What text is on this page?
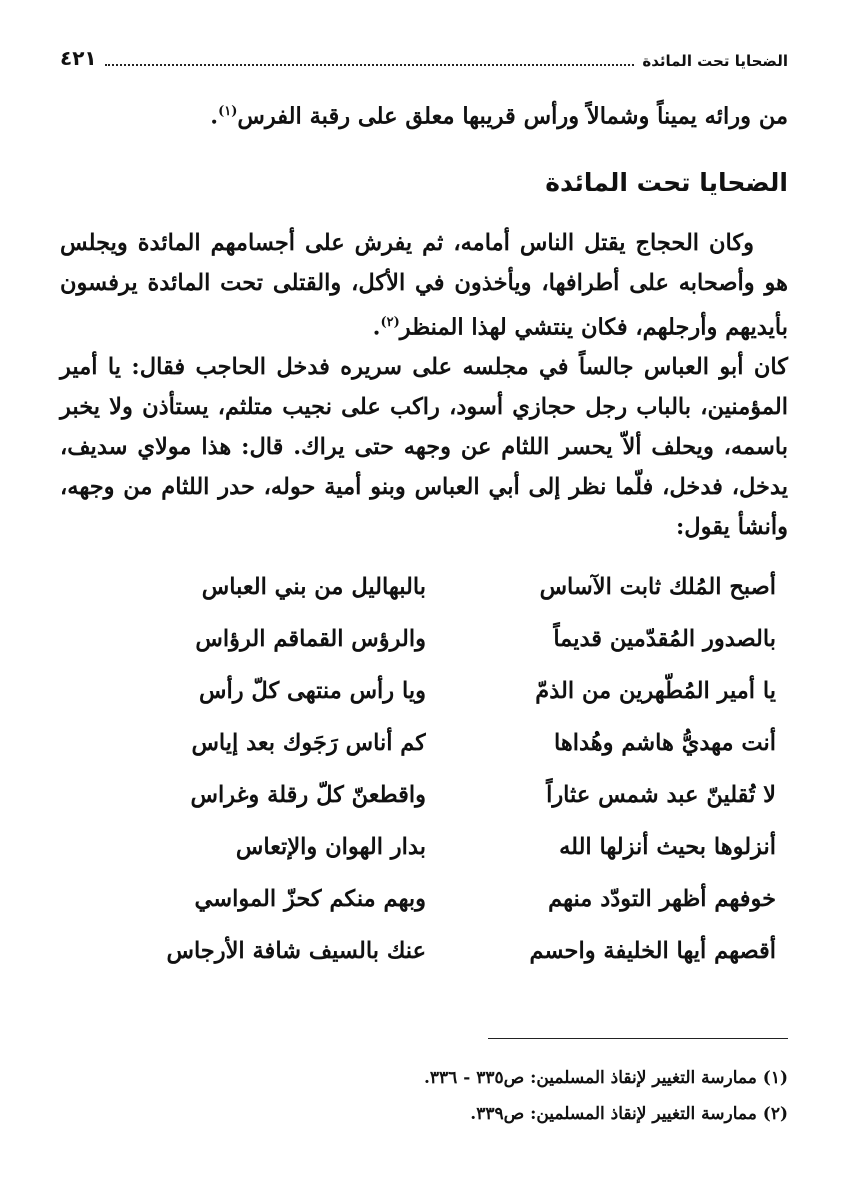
الضحايا تحت المائدة
٤٢١

من ورائه يميناً وشمالاً ورأس قريبها معلق على رقبة الفرس$^{(١)}$.

الضحايا تحت المائدة

وكان الحجاج يقتل الناس أمامه، ثم يفرش على أجسامهم المائدة ويجلس هو وأصحابه على أطرافها، ويأخذون في الأكل، والقتلى تحت المائدة يرفسون بأيديهم وأرجلهم، فكان ينتشي لهذا المنظر$^{(٢)}$.

كان أبو العباس جالساً في مجلسه على سريره فدخل الحاجب فقال: يا أمير المؤمنين، بالباب رجل حجازي أسود، راكب على نجيب متلثم، يستأذن ولا يخبر باسمه، ويحلف ألاّ يحسر اللثام عن وجهه حتى يراك. قال: هذا مولاي سديف، يدخل، فدخل، فلّما نظر إلى أبي العباس وبنو أمية حوله، حدر اللثام من وجهه، وأنشأ يقول:

أصبح المُلك ثابت الآساس
بالبهاليل من بني العباس
بالصدور المُقدّمين قديماً
والرؤس القماقم الرؤاس
يا أمير المُطّهرين من الذمّ
ويا رأس منتهى كلّ رأس
أنت مهديُّ هاشم وهُداها
كم أناس رَجَوك بعد إياس
لا تُقلينّ عبد شمس عثاراً
واقطعنّ كلّ رقلة وغراس
أنزلوها بحيث أنزلها الله
بدار الهوان والإتعاس
خوفهم أظهر التودّد منهم
وبهم منكم كحزّ المواسي
أقصهم أيها الخليفة واحسم
عنك بالسيف شافة الأرجاس
(١) ممارسة التغيير لإنقاذ المسلمين: ص٣٣٥ - ٣٣٦.
(٢) ممارسة التغيير لإنقاذ المسلمين: ص٣٣٩.
